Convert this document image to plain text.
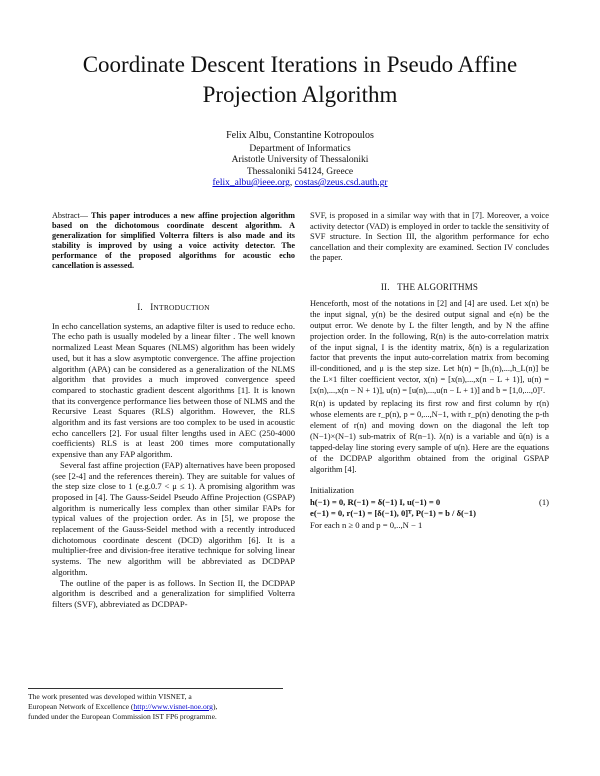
Coordinate Descent Iterations in Pseudo Affine
Projection Algorithm
Felix Albu, Constantine Kotropoulos
Department of Informatics
Aristotle University of Thessaloniki
Thessaloniki 54124, Greece
felix_albu@ieee.org, costas@zeus.csd.auth.gr
Abstract— This paper introduces a new affine projection algorithm based on the dichotomous coordinate descent algorithm. A generalization for simplified Volterra filters is also made and its stability is improved by using a voice activity detector. The performance of the proposed algorithms for acoustic echo cancellation is assessed.
I. INTRODUCTION

In echo cancellation systems, an adaptive filter is used to reduce echo. The echo path is usually modeled by a linear filter . The well known normalized Least Mean Squares (NLMS) algorithm has been widely used, but it has a slow asymptotic convergence. The affine projection algorithm (APA) can be considered as a generalization of the NLMS algorithm that provides a much improved convergence speed compared to stochastic gradient descent algorithms [1]. It is known that its convergence performance lies between those of NLMS and the Recursive Least Squares (RLS) algorithm. However, the RLS algorithm and its fast versions are too complex to be used in acoustic echo cancellers [2]. For usual filter lengths used in AEC (250-4000 coefficients) RLS is at least 200 times more computationally expensive than any FAP algorithm.

Several fast affine projection (FAP) alternatives have been proposed (see [2-4] and the references therein). They are suitable for values of the step size close to 1 (e.g.0.7 < μ ≤ 1). A promising algorithm was proposed in [4]. The Gauss-Seidel Pseudo Affine Projection (GSPAP) algorithm is numerically less complex than other similar FAPs for typical values of the projection order. As in [5], we propose the replacement of the Gauss-Seidel method with a recently introduced dichotomous coordinate descent (DCD) algorithm [6]. It is a multiplier-free and division-free iterative technique for solving linear systems. The new algorithm will be abbreviated as DCDPAP algorithm.

The outline of the paper is as follows. In Section II, the DCDPAP algorithm is described and a generalization for simplified Volterra filters (SVF), abbreviated as DCDPAP-

SVF, is proposed in a similar way with that in [7]. Moreover, a voice activity detector (VAD) is employed in order to tackle the sensitivity of SVF structure. In Section III, the algorithm performance for echo cancellation and their complexity are examined. Section IV concludes the paper.
II. THE ALGORITHMS

Henceforth, most of the notations in [2] and [4] are used. Let x(n) be the input signal, y(n) be the desired output signal and e(n) be the output error. We denote by L the filter length, and by N the affine projection order. In the following, R(n) is the auto-correlation matrix of the input signal, I is the identity matrix, δ(n) is a regularization factor that prevents the input auto-correlation matrix from becoming ill-conditioned, and μ is the step size. Let h(n) = [h₁(n),...,h_L(n)] be the L×1 filter coefficient vector, x(n) = [x(n),...,x(n − L + 1)], u(n) = [x(n),...,x(n − N + 1)], u(n) = [u(n),...,u(n − L + 1)] and b = [1,0,...,0]ᵀ.

R(n) is updated by replacing its first row and first column by r(n) whose elements are r_p(n), p = 0,...,N−1, with r_p(n) denoting the p-th element of r(n) and moving down on the diagonal the left top (N−1)×(N−1) sub-matrix of R(n−1). λ(n) is a variable and ũ(n) is a tapped-delay line storing every sample of u(n). Here are the equations of the DCDPAP algorithm obtained from the original GSPAP algorithm [4].

Initialization
h(−1) = 0, R(−1) = δ(−1) I, u(−1) = 0
e(−1) = 0, r(−1) = [δ(−1), 0]ᵀ, P(−1) = b / δ(−1)
For each n ≥ 0 and p = 0,..,N − 1
(1)
The work presented was developed within VISNET, a
European Network of Excellence (http://www.visnet-noe.org),
funded under the European Commission IST FP6 programme.
